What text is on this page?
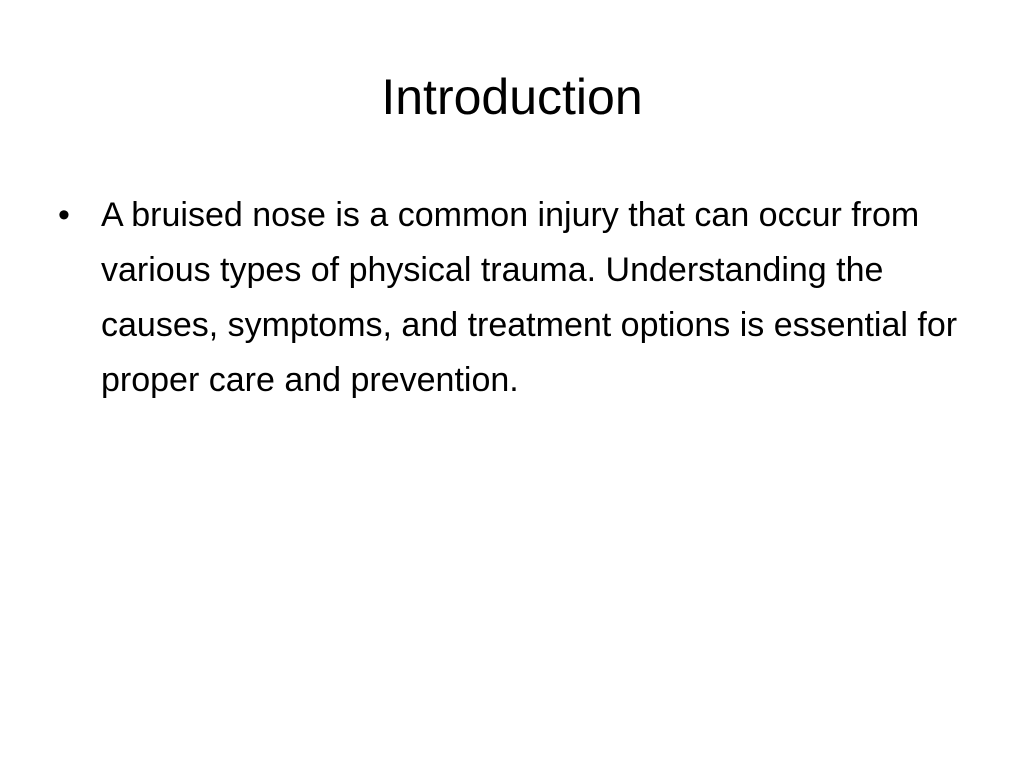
Introduction
• A bruised nose is a common injury that can occur from various types of physical trauma. Understanding the causes, symptoms, and treatment options is essential for proper care and prevention.
